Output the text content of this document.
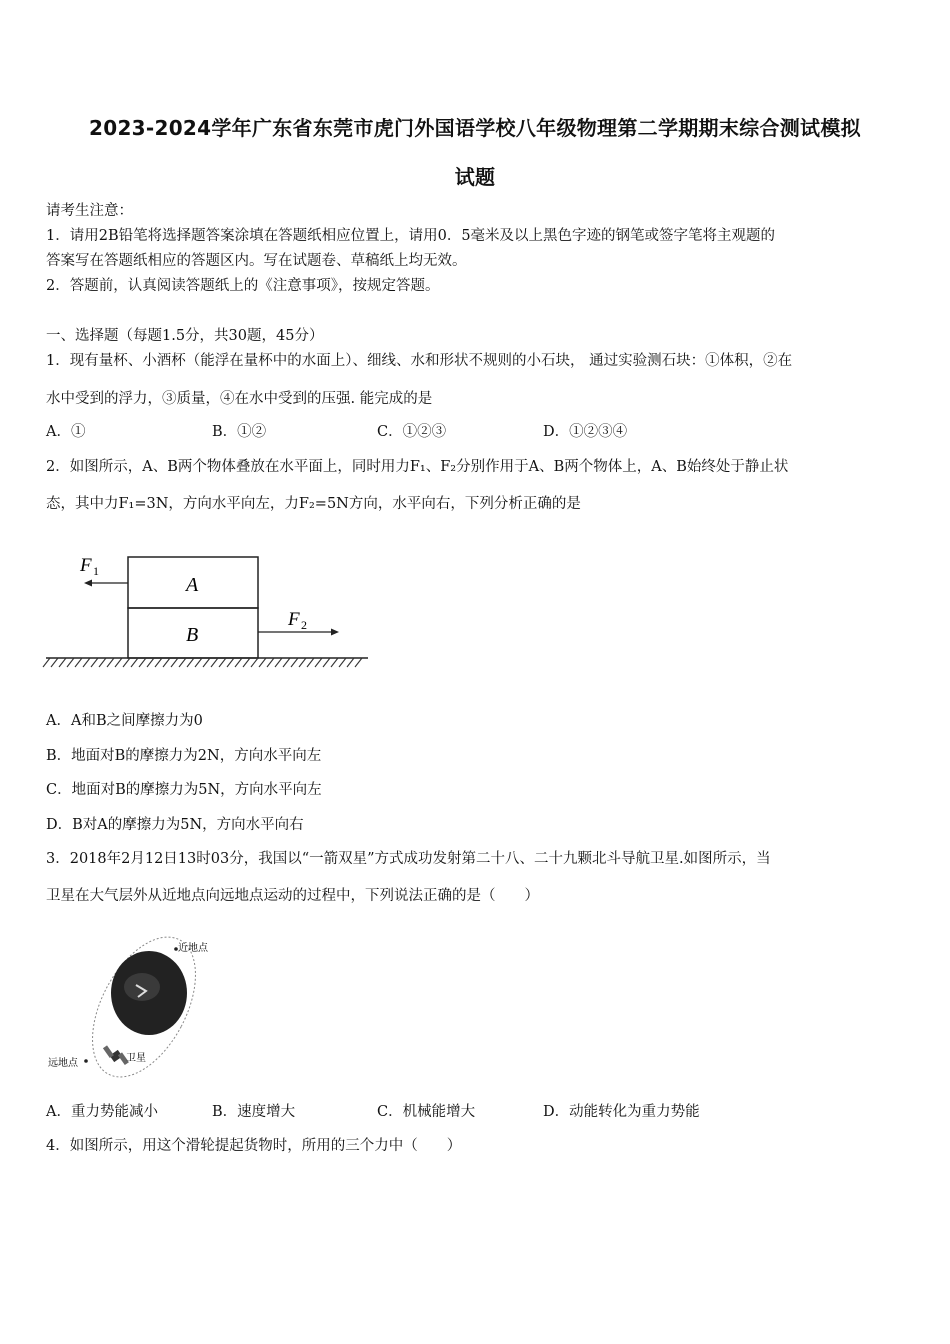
2023-2024学年广东省东莞市虎门外国语学校八年级物理第二学期期末综合测试模拟
试题
请考生注意：
1．请用2B铅笔将选择题答案涂填在答题纸相应位置上，请用0．5毫米及以上黑色字迹的钢笔或签字笔将主观题的
答案写在答题纸相应的答题区内。写在试题卷、草稿纸上均无效。
2．答题前，认真阅读答题纸上的《注意事项》，按规定答题。
一、选择题（每题1.5分，共30题，45分）
1．现有量杯、小酒杯（能浮在量杯中的水面上）、细线、水和形状不规则的小石块， 通过实验测石块：①体积，②在
水中受到的浮力，③质量，④在水中受到的压强. 能完成的是
A．①	B．①②	C．①②③	D．①②③④
2．如图所示，A、B两个物体叠放在水平面上，同时用力F₁、F₂分别作用于A、B两个物体上，A、B始终处于静止状
态，其中力F₁=3N，方向水平向左，力F₂=5N方向，水平向右，下列分析正确的是
F 1
F 2
A
B
A．A和B之间摩擦力为0
B．地面对B的摩擦力为2N，方向水平向左
C．地面对B的摩擦力为5N，方向水平向左
D．B对A的摩擦力为5N，方向水平向右
3．2018年2月12日13时03分，我国以“一箭双星”方式成功发射第二十八、二十九颗北斗导航卫星.如图所示，当
卫星在大气层外从近地点向远地点运动的过程中，下列说法正确的是（　　）
近地点
远地点	卫星
A．重力势能减小	B．速度增大	C．机械能增大	D．动能转化为重力势能
4．如图所示，用这个滑轮提起货物时，所用的三个力中（　　）
